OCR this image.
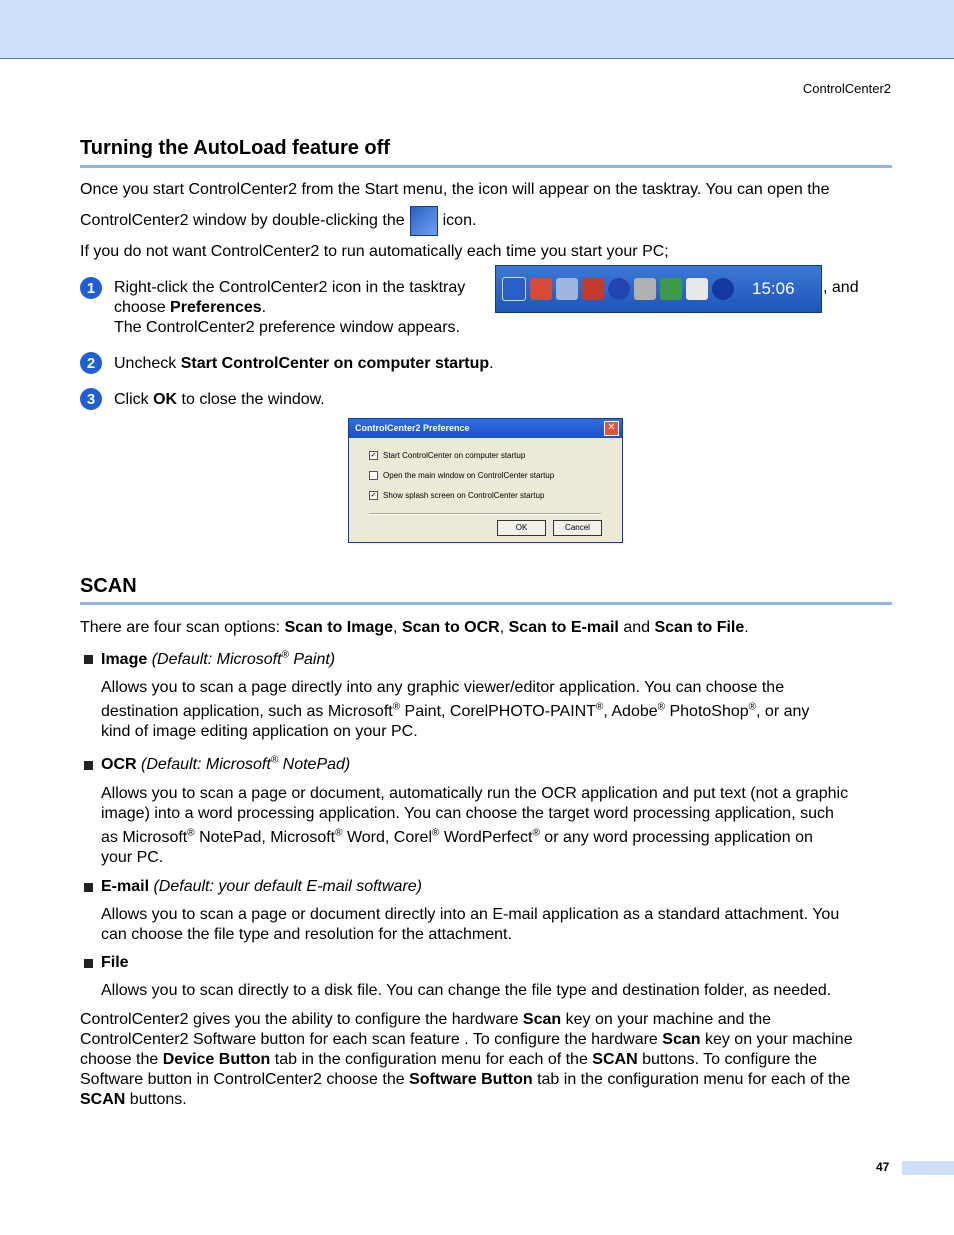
ControlCenter2
Turning the AutoLoad feature off

Once you start ControlCenter2 from the Start menu, the icon will appear on the tasktray. You can open the

ControlCenter2 window by double-clicking the icon.

If you do not want ControlCenter2 to run automatically each time you start your PC;

1	Right-click the ControlCenter2 icon in the tasktray	15:06 , and
choose Preferences.
The ControlCenter2 preference window appears.
2	Uncheck Start ControlCenter on computer startup.
3	Click OK to close the window.
ControlCenter2 Preference	✕
✓ Start ControlCenter on computer startup
Open the main window on ControlCenter startup
✓ Show splash screen on ControlCenter startup
OK	Cancel
SCAN

There are four scan options: Scan to Image, Scan to OCR, Scan to E-mail and Scan to File.

Image (Default: Microsoft® Paint)

Allows you to scan a page directly into any graphic viewer/editor application. You can choose the

destination application, such as Microsoft® Paint, CorelPHOTO-PAINT®, Adobe® PhotoShop®, or any

kind of image editing application on your PC.

OCR (Default: Microsoft® NotePad)

Allows you to scan a page or document, automatically run the OCR application and put text (not a graphic

image) into a word processing application. You can choose the target word processing application, such

as Microsoft® NotePad, Microsoft® Word, Corel® WordPerfect® or any word processing application on

your PC.

E-mail (Default: your default E-mail software)

Allows you to scan a page or document directly into an E-mail application as a standard attachment. You

can choose the file type and resolution for the attachment.

File

Allows you to scan directly to a disk file. You can change the file type and destination folder, as needed.

ControlCenter2 gives you the ability to configure the hardware Scan key on your machine and the

ControlCenter2 Software button for each scan feature . To configure the hardware Scan key on your machine

choose the Device Button tab in the configuration menu for each of the SCAN buttons. To configure the

Software button in ControlCenter2 choose the Software Button tab in the configuration menu for each of the

SCAN buttons.

47
